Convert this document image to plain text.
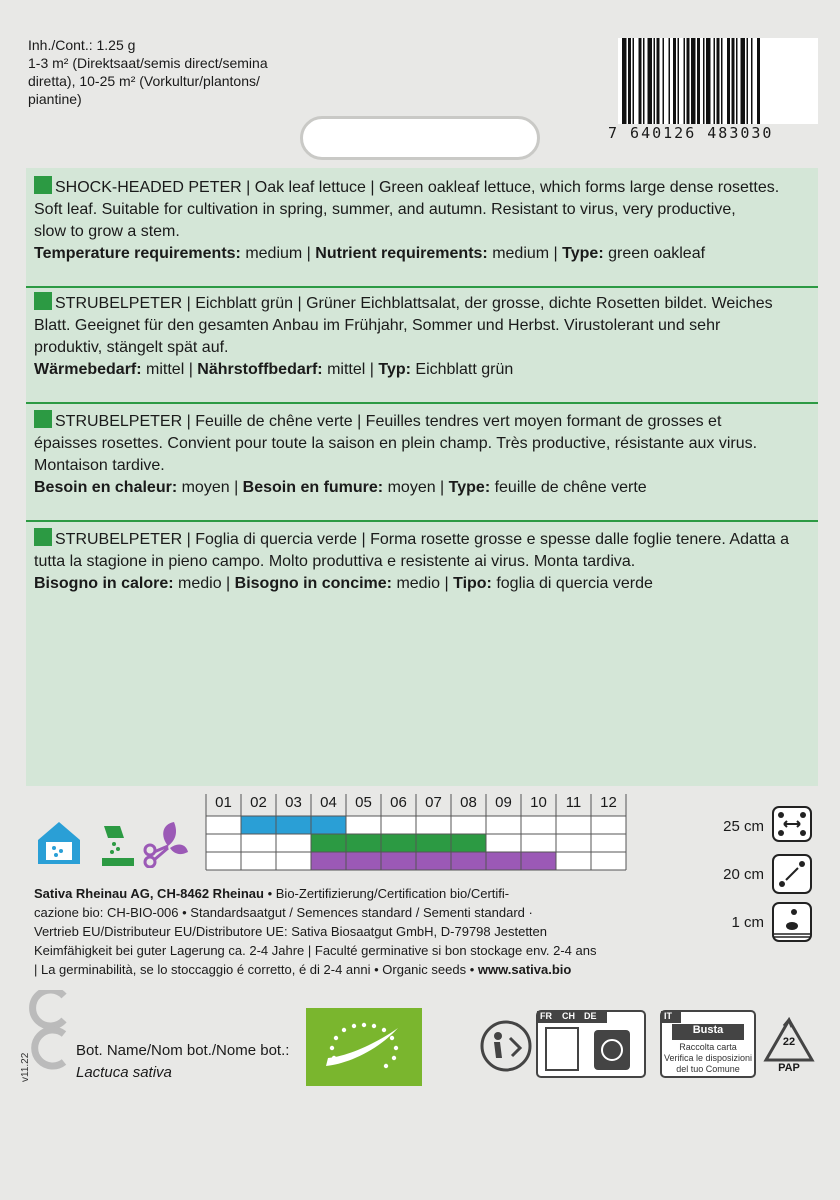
Inh./Cont.: 1.25 g
1-3 m² (Direktsaat/semis direct/semina
diretta), 10-25 m² (Vorkultur/plantons/
piantine)
7 640126 483030
SHOCK-HEADED PETER | Oak leaf lettuce | Green oakleaf lettuce, which forms large dense rosettes.
Soft leaf. Suitable for cultivation in spring, summer, and autumn. Resistant to virus, very productive,
slow to grow a stem.
Temperature requirements: medium | Nutrient requirements: medium | Type: green oakleaf
STRUBELPETER | Eichblatt grün | Grüner Eichblattsalat, der grosse, dichte Rosetten bildet. Weiches
Blatt. Geeignet für den gesamten Anbau im Frühjahr, Sommer und Herbst. Virustolerant und sehr
produktiv, stängelt spät auf.
Wärmebedarf: mittel | Nährstoffbedarf: mittel | Typ: Eichblatt grün
STRUBELPETER | Feuille de chêne verte | Feuilles tendres vert moyen formant de grosses et
épaisses rosettes. Convient pour toute la saison en plein champ. Très productive, résistante aux virus.
Montaison tardive.
Besoin en chaleur: moyen | Besoin en fumure: moyen | Type: feuille de chêne verte
STRUBELPETER | Foglia di quercia verde | Forma rosette grosse e spesse dalle foglie tenere. Adatta a
tutta la stagione in pieno campo. Molto produttiva e resistente ai virus. Monta tardiva.
Bisogno in calore: medio | Bisogno in concime: medio | Tipo: foglia di quercia verde
01	02	03	04	05	06	07	08	09	10	11	12
25 cm
20 cm
1 cm
Sativa Rheinau AG, CH-8462 Rheinau • Bio-Zertifizierung/Certification bio/Certifi-
cazione bio: CH-BIO-006 • Standardsaatgut / Semences standard / Sementi standard ·
Vertrieb EU/Distributeur EU/Distributore UE: Sativa Biosaatgut GmbH, D-79798 Jestetten
Keimfähigkeit bei guter Lagerung ca. 2-4 Jahre | Faculté germinative si bon stockage env. 2-4 ans
| La germinabilità, se lo stoccaggio é corretto, é di 2-4 anni • Organic seeds • www.sativa.bio
v11.22
Bot. Name/Nom bot./Nome bot.:
Lactuca sativa
FR CH DE	IT
Busta
Raccolta carta
Verifica le disposizioni
del tuo Comune
22
PAP
